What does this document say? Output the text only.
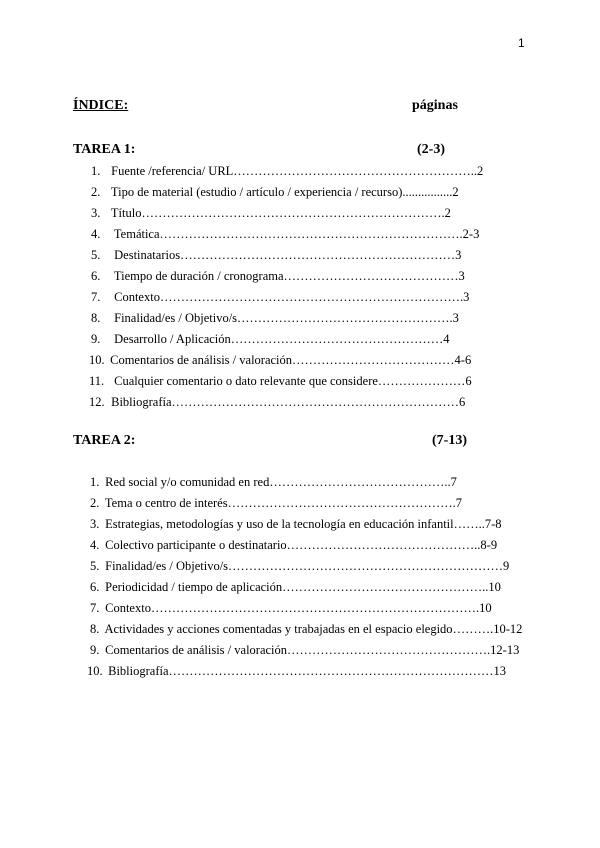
1
ÍNDICE:	páginas
TAREA 1:	(2-3)
1. Fuente /referencia/ URL…………………………………………………..2
2. Tipo de material (estudio / artículo / experiencia / recurso)................2
3. Título……………………………………………………………….2
4. Temática……………………………………………………………….2-3
5. Destinatarios…………………………………………………………3
6. Tiempo de duración / cronograma……………………………………3
7. Contexto……………………………………………………………….3
8. Finalidad/es / Objetivo/s…………………………………………….3
9. Desarrollo / Aplicación……………………………………………4
10. Comentarios de análisis / valoración…………………………………4-6
11. Cualquier comentario o dato relevante que considere…………………6
12. Bibliografía……………………………………………………………6
TAREA 2:	(7-13)
1. Red social y/o comunidad en red……………………………………..7
2. Tema o centro de interés……………………………………………….7
3. Estrategias, metodologías y uso de la tecnología en educación infantil……..7-8
4. Colectivo participante o destinatario………………………………………..8-9
5. Finalidad/es / Objetivo/s…………………………………………………………9
6. Periodicidad / tiempo de aplicación…………………………………………..10
7. Contexto…………………………………………………………………….10
8. Actividades y acciones comentadas y trabajadas en el espacio elegido……….10-12
9. Comentarios de análisis / valoración………………………………………….12-13
10. Bibliografía……………………………………………………………………13
